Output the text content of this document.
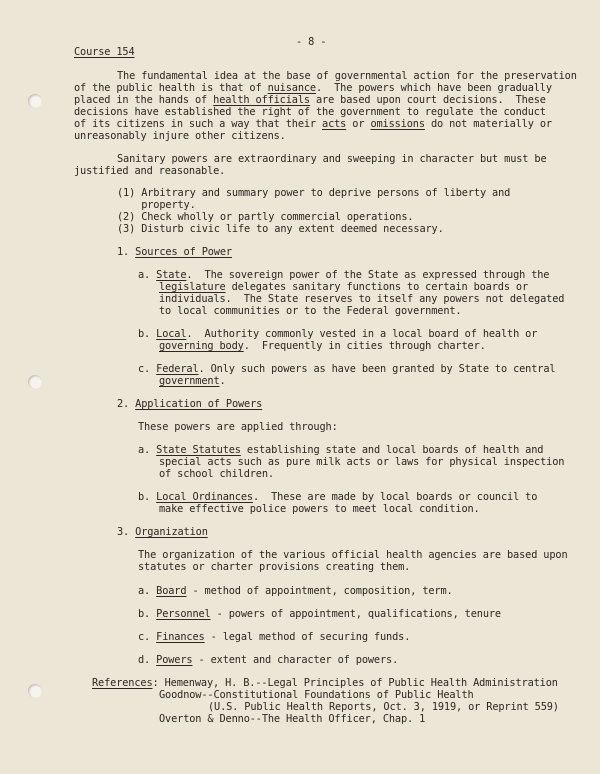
- 8 -
Course 154
The fundamental idea at the base of governmental action for the preservation
of the public health is that of nuisance.  The powers which have been gradually
placed in the hands of health officials are based upon court decisions.  These
decisions have established the right of the government to regulate the conduct
of its citizens in such a way that their acts or omissions do not materially or
unreasonably injure other citizens.
Sanitary powers are extraordinary and sweeping in character but must be
justified and reasonable.
(1) Arbitrary and summary power to deprive persons of liberty and
property.
(2) Check wholly or partly commercial operations.
(3) Disturb civic life to any extent deemed necessary.
1. Sources of Power
a. State.  The sovereign power of the State as expressed through the
legislature delegates sanitary functions to certain boards or
individuals.  The State reserves to itself any powers not delegated
to local communities or to the Federal government.
b. Local.  Authority commonly vested in a local board of health or
governing body.  Frequently in cities through charter.
c. Federal. Only such powers as have been granted by State to central
government.
2. Application of Powers
These powers are applied through:
a. State Statutes establishing state and local boards of health and
special acts such as pure milk acts or laws for physical inspection
of school children.
b. Local Ordinances.  These are made by local boards or council to
make effective police powers to meet local condition.
3. Organization
The organization of the various official health agencies are based upon
statutes or charter provisions creating them.
a. Board - method of appointment, composition, term.
b. Personnel - powers of appointment, qualifications, tenure
c. Finances - legal method of securing funds.
d. Powers - extent and character of powers.
References: Hemenway, H. B.--Legal Principles of Public Health Administration
Goodnow--Constitutional Foundations of Public Health
(U.S. Public Health Reports, Oct. 3, 1919, or Reprint 559)
Overton & Denno--The Health Officer, Chap. 1
